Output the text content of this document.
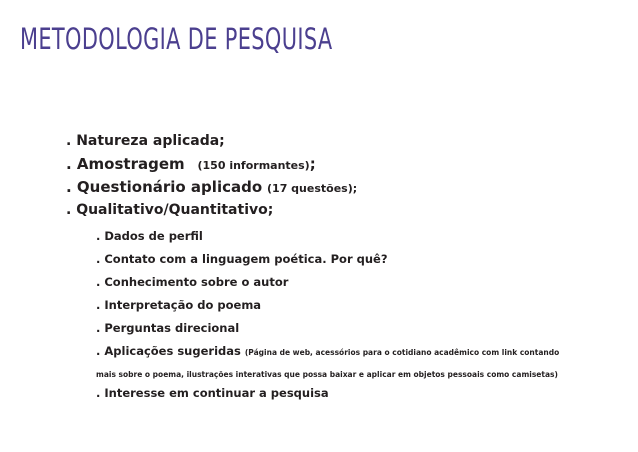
METODOLOGIA DE PESQUISA
. Natureza aplicada;
. Amostragem (150 informantes);
. Questionário aplicado (17 questões);
. Qualitativo/Quantitativo;
. Dados de perfil
. Contato com a linguagem poética. Por quê?
. Conhecimento sobre o autor
. Interpretação do poema
. Perguntas direcional
. Aplicações sugeridas (Página de web, acessórios para o cotidiano acadêmico com link contando
mais sobre o poema, ilustrações interativas que possa baixar e aplicar em objetos pessoais como camisetas)
. Interesse em continuar a pesquisa
